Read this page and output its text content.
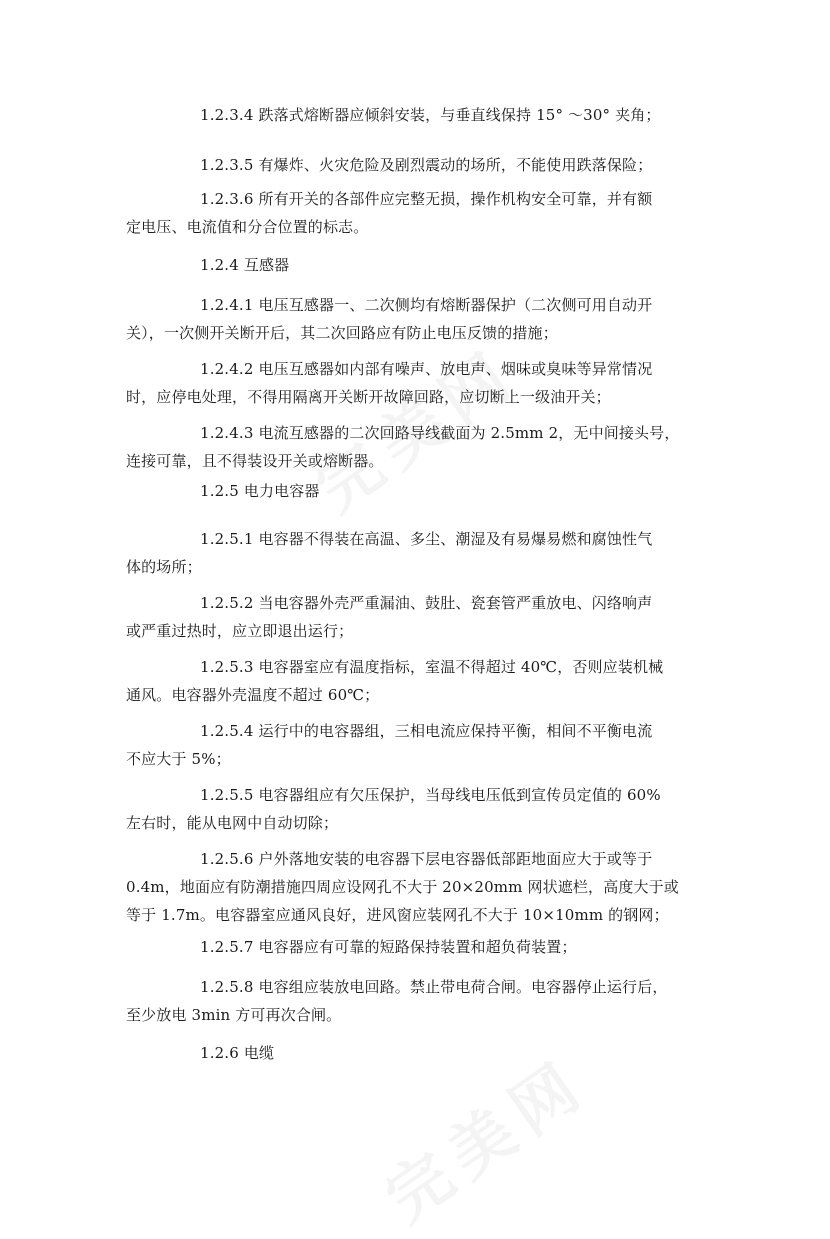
1.2.3.4 跌落式熔断器应倾斜安装，与垂直线保持 15° ～30° 夹角；
1.2.3.5 有爆炸、火灾危险及剧烈震动的场所，不能使用跌落保险；
1.2.3.6 所有开关的各部件应完整无损，操作机构安全可靠，并有额
定电压、电流值和分合位置的标志。
1.2.4 互感器
1.2.4.1 电压互感器一、二次侧均有熔断器保护（二次侧可用自动开
关），一次侧开关断开后，其二次回路应有防止电压反馈的措施；
1.2.4.2 电压互感器如内部有噪声、放电声、烟味或臭味等异常情况
时，应停电处理，不得用隔离开关断开故障回路，应切断上一级油开关；
1.2.4.3 电流互感器的二次回路导线截面为 2.5mm 2，无中间接头号，
连接可靠，且不得装设开关或熔断器。
1.2.5 电力电容器
1.2.5.1 电容器不得装在高温、多尘、潮湿及有易爆易燃和腐蚀性气
体的场所；
1.2.5.2 当电容器外壳严重漏油、鼓肚、瓷套管严重放电、闪络响声
或严重过热时，应立即退出运行；
1.2.5.3 电容器室应有温度指标，室温不得超过 40℃，否则应装机械
通风。电容器外壳温度不超过 60℃；
1.2.5.4 运行中的电容器组，三相电流应保持平衡，相间不平衡电流
不应大于 5%；
1.2.5.5 电容器组应有欠压保护，当母线电压低到宣传员定值的 60%
左右时，能从电网中自动切除；
1.2.5.6 户外落地安装的电容器下层电容器低部距地面应大于或等于
0.4m，地面应有防潮措施四周应设网孔不大于 20×20mm 网状遮栏，高度大于或
等于 1.7m。电容器室应通风良好，进风窗应装网孔不大于 10×10mm 的钢网；
1.2.5.7 电容器应有可靠的短路保持装置和超负荷装置；
1.2.5.8 电容组应装放电回路。禁止带电荷合闸。电容器停止运行后，
至少放电 3min 方可再次合闸。
1.2.6 电缆
